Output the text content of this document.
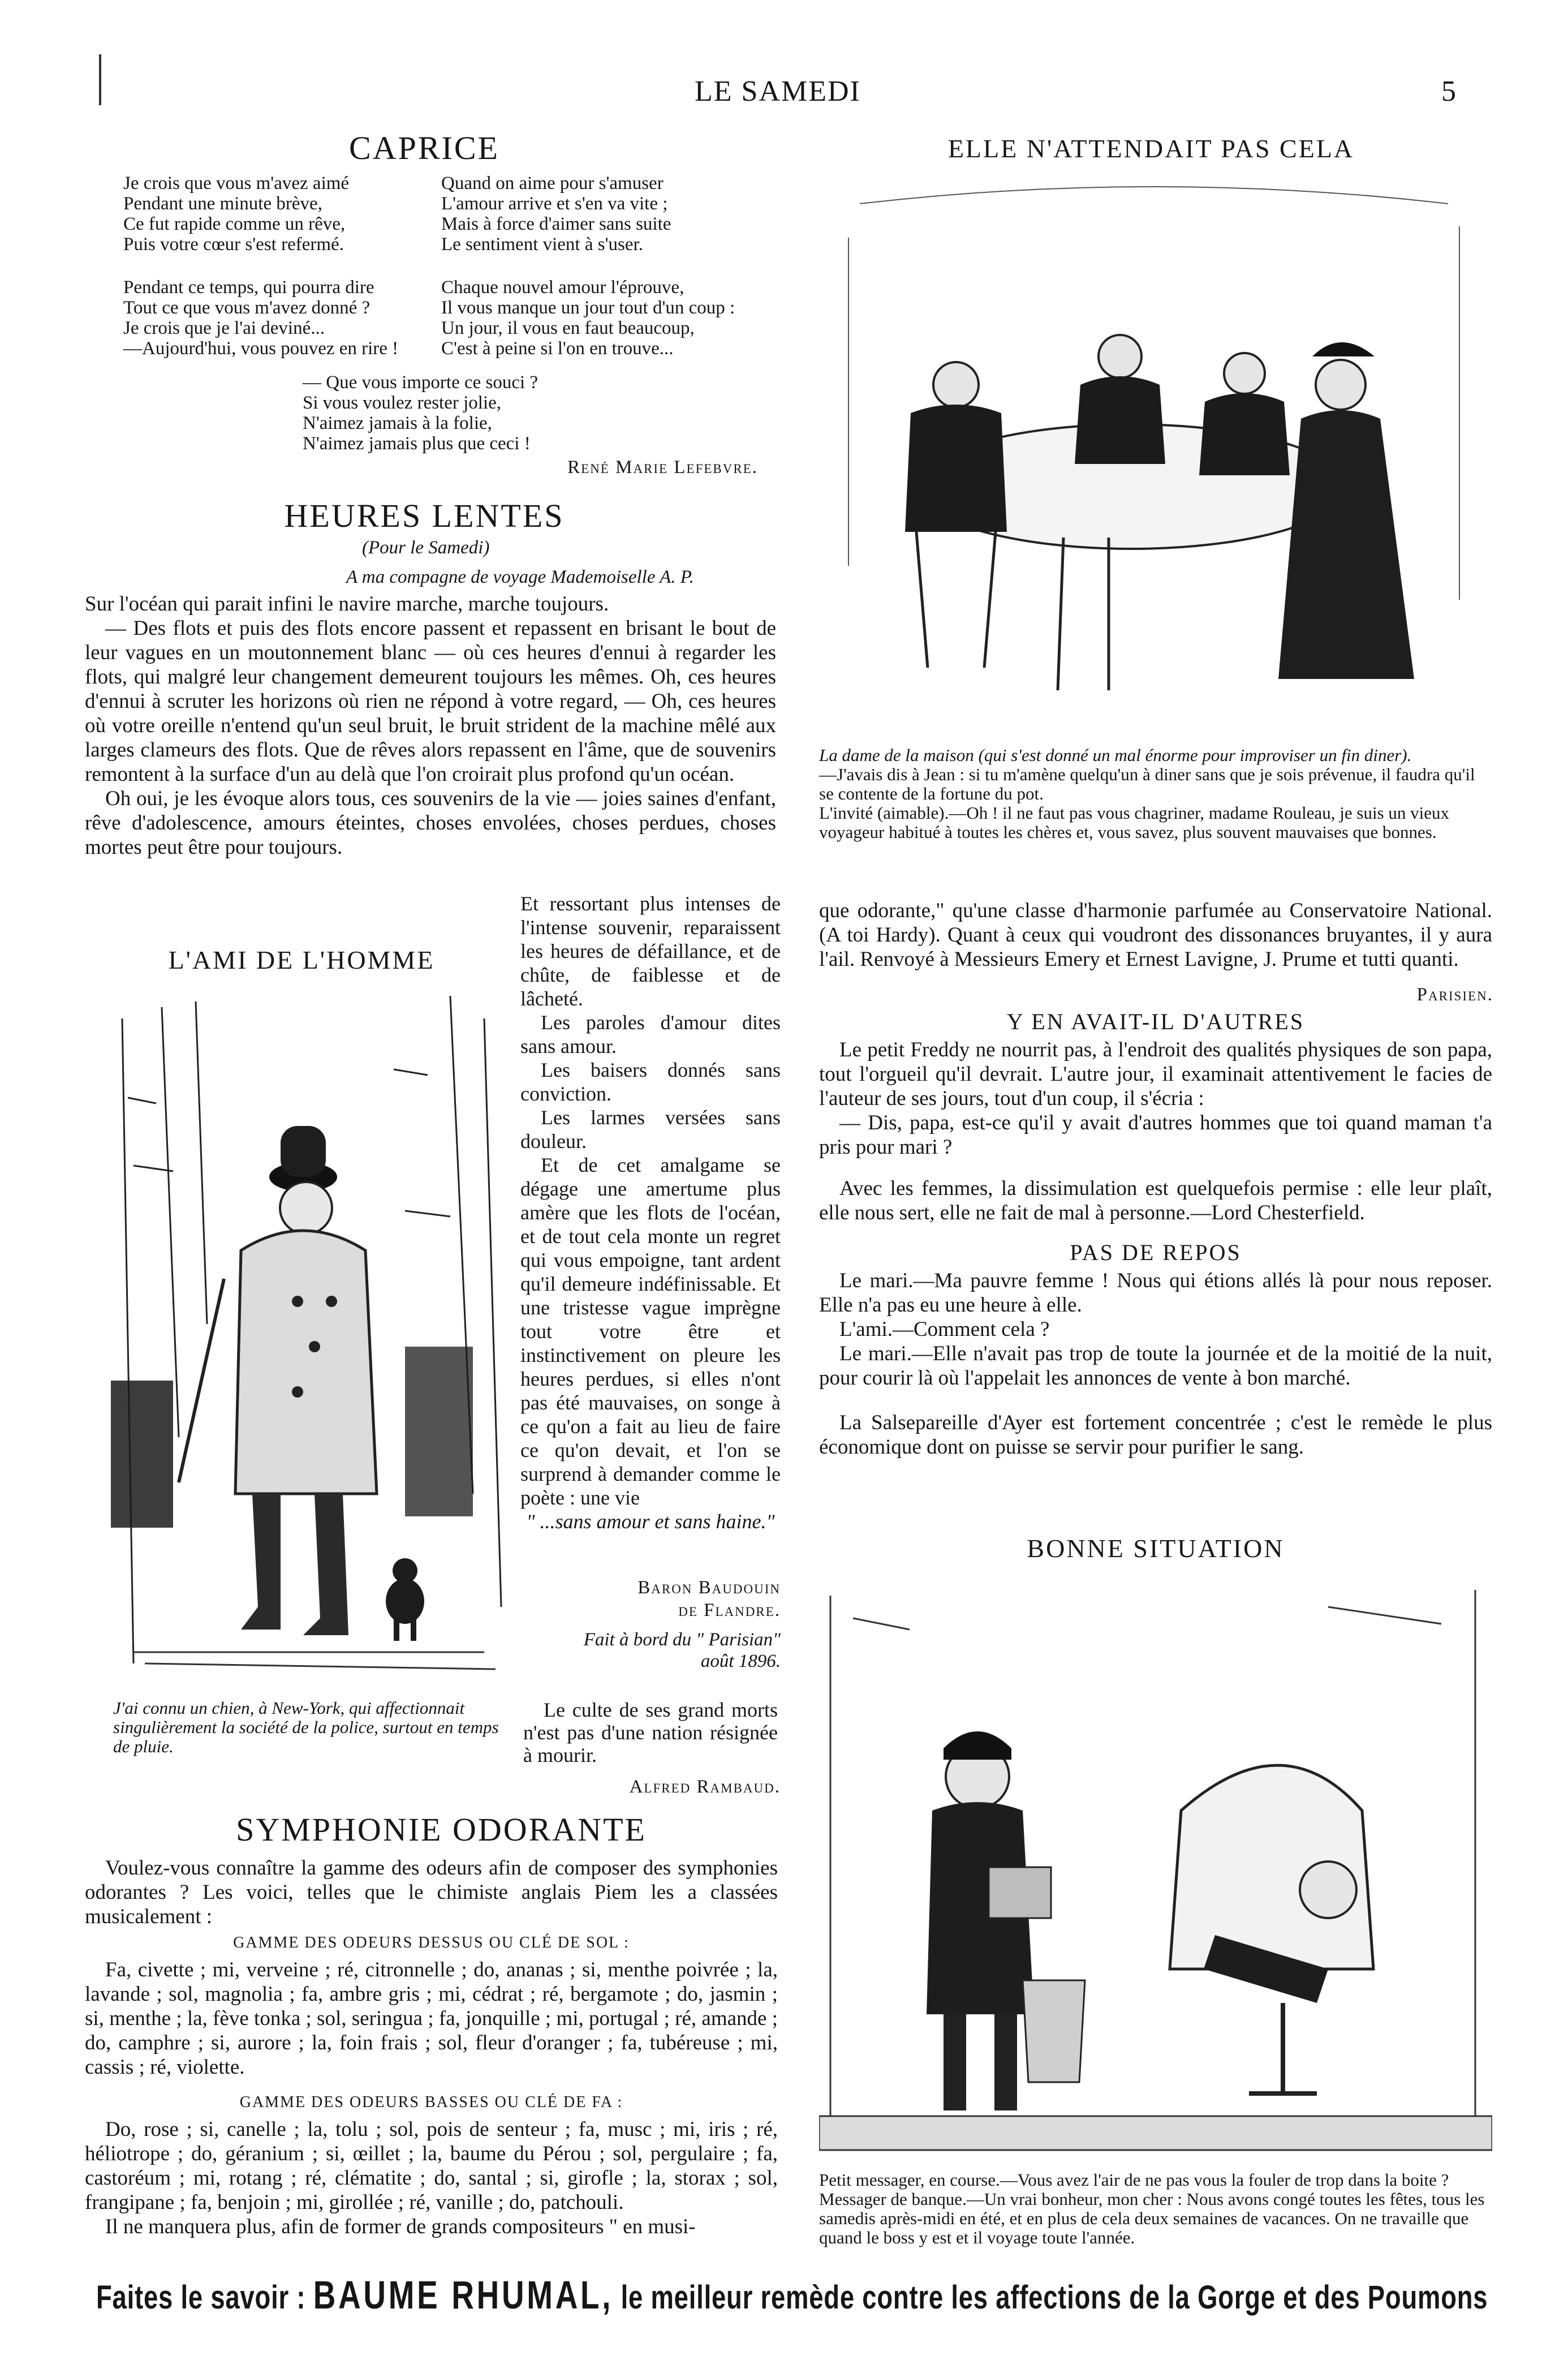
LE SAMEDI	5
CAPRICE
Je crois que vous m'avez aimé
Pendant une minute brève,
Ce fut rapide comme un rêve,
Puis votre cœur s'est refermé.
Quand on aime pour s'amuser
L'amour arrive et s'en va vite ;
Mais à force d'aimer sans suite
Le sentiment vient à s'user.
Pendant ce temps, qui pourra dire
Tout ce que vous m'avez donné ?
Je crois que je l'ai deviné...
—Aujourd'hui, vous pouvez en rire !
Chaque nouvel amour l'éprouve,
Il vous manque un jour tout d'un coup :
Un jour, il vous en faut beaucoup,
C'est à peine si l'on en trouve...
— Que vous importe ce souci ?
Si vous voulez rester jolie,
N'aimez jamais à la folie,
N'aimez jamais plus que ceci !
René Marie Lefebvre.
HEURES LENTES
(Pour le Samedi)
A ma compagne de voyage Mademoiselle A. P.

Sur l'océan qui parait infini le navire marche, marche toujours.

— Des flots et puis des flots encore passent et repassent en brisant le bout de leur vagues en un moutonnement blanc — où ces heures d'ennui à regarder les flots, qui malgré leur changement demeurent toujours les mêmes. Oh, ces heures d'ennui à scruter les horizons où rien ne répond à votre regard, — Oh, ces heures où votre oreille n'entend qu'un seul bruit, le bruit strident de la machine mêlé aux larges clameurs des flots. Que de rêves alors repassent en l'âme, que de souvenirs remontent à la surface d'un au delà que l'on croirait plus profond qu'un océan.

Oh oui, je les évoque alors tous, ces souvenirs de la vie — joies saines d'enfant, rêve d'adolescence, amours éteintes, choses envolées, choses perdues, choses mortes peut être pour toujours.

Et ressortant plus intenses de l'intense souvenir, reparaissent les heures de défaillance, et de chûte, de faiblesse et de lâcheté.

Les paroles d'amour dites sans amour.

Les baisers donnés sans conviction.

Les larmes versées sans douleur.

Et de cet amalgame se dégage une amertume plus amère que les flots de l'océan, et de tout cela monte un regret qui vous empoigne, tant ardent qu'il demeure indéfinissable. Et une tristesse vague imprègne tout votre être et instinctivement on pleure les heures perdues, si elles n'ont pas été mauvaises, on songe à ce qu'on a fait au lieu de faire ce qu'on devait, et l'on se surprend à demander comme le poète : une vie

" ...sans amour et sans haine."

Baron Baudouin
de Flandre.
Fait à bord du " Parisian"
août 1896.
L'AMI DE L'HOMME
J'ai connu un chien, à New-York, qui affectionnait singulièrement la société de la police, surtout en temps de pluie.

Le culte de ses grand morts n'est pas d'une nation résignée à mourir.

Alfred Rambaud.
SYMPHONIE ODORANTE

Voulez-vous connaître la gamme des odeurs afin de composer des symphonies odorantes ? Les voici, telles que le chimiste anglais Piem les a classées musicalement :

GAMME DES ODEURS DESSUS OU CLÉ DE SOL :

Fa, civette ; mi, verveine ; ré, citronnelle ; do, ananas ; si, menthe poivrée ; la, lavande ; sol, magnolia ; fa, ambre gris ; mi, cédrat ; ré, bergamote ; do, jasmin ; si, menthe ; la, fève tonka ; sol, seringua ; fa, jonquille ; mi, portugal ; ré, amande ; do, camphre ; si, aurore ; la, foin frais ; sol, fleur d'oranger ; fa, tubéreuse ; mi, cassis ; ré, violette.

GAMME DES ODEURS BASSES OU CLÉ DE FA :

Do, rose ; si, canelle ; la, tolu ; sol, pois de senteur ; fa, musc ; mi, iris ; ré, héliotrope ; do, géranium ; si, œillet ; la, baume du Pérou ; sol, pergulaire ; fa, castoréum ; mi, rotang ; ré, clématite ; do, santal ; si, girofle ; la, storax ; sol, frangipane ; fa, benjoin ; mi, girollée ; ré, vanille ; do, patchouli.

Il ne manquera plus, afin de former de grands compositeurs " en musi-

ELLE N'ATTENDAIT PAS CELA

La dame de la maison (qui s'est donné un mal énorme pour improviser un fin diner).

—J'avais dis à Jean : si tu m'amène quelqu'un à diner sans que je sois prévenue, il faudra qu'il se contente de la fortune du pot.

L'invité (aimable).—Oh ! il ne faut pas vous chagriner, madame Rouleau, je suis un vieux voyageur habitué à toutes les chères et, vous savez, plus souvent mauvaises que bonnes.

que odorante," qu'une classe d'harmonie parfumée au Conservatoire National. (A toi Hardy). Quant à ceux qui voudront des dissonances bruyantes, il y aura l'ail. Renvoyé à Messieurs Emery et Ernest Lavigne, J. Prume et tutti quanti.

Parisien.
Y EN AVAIT-IL D'AUTRES

Le petit Freddy ne nourrit pas, à l'endroit des qualités physiques de son papa, tout l'orgueil qu'il devrait. L'autre jour, il examinait attentivement le facies de l'auteur de ses jours, tout d'un coup, il s'écria :

— Dis, papa, est-ce qu'il y avait d'autres hommes que toi quand maman t'a pris pour mari ?

Avec les femmes, la dissimulation est quelquefois permise : elle leur plaît, elle nous sert, elle ne fait de mal à personne.—Lord Chesterfield.

PAS DE REPOS

Le mari.—Ma pauvre femme ! Nous qui étions allés là pour nous reposer. Elle n'a pas eu une heure à elle.

L'ami.—Comment cela ?

Le mari.—Elle n'avait pas trop de toute la journée et de la moitié de la nuit, pour courir là où l'appelait les annonces de vente à bon marché.

La Salsepareille d'Ayer est fortement concentrée ; c'est le remède le plus économique dont on puisse se servir pour purifier le sang.

BONNE SITUATION

Petit messager, en course.—Vous avez l'air de ne pas vous la fouler de trop dans la boite ?

Messager de banque.—Un vrai bonheur, mon cher : Nous avons congé toutes les fêtes, tous les samedis après-midi en été, et en plus de cela deux semaines de vacances. On ne travaille que quand le boss y est et il voyage toute l'année.

Faites le savoir : BAUME RHUMAL, le meilleur remède contre les affections de la Gorge et des Poumons
